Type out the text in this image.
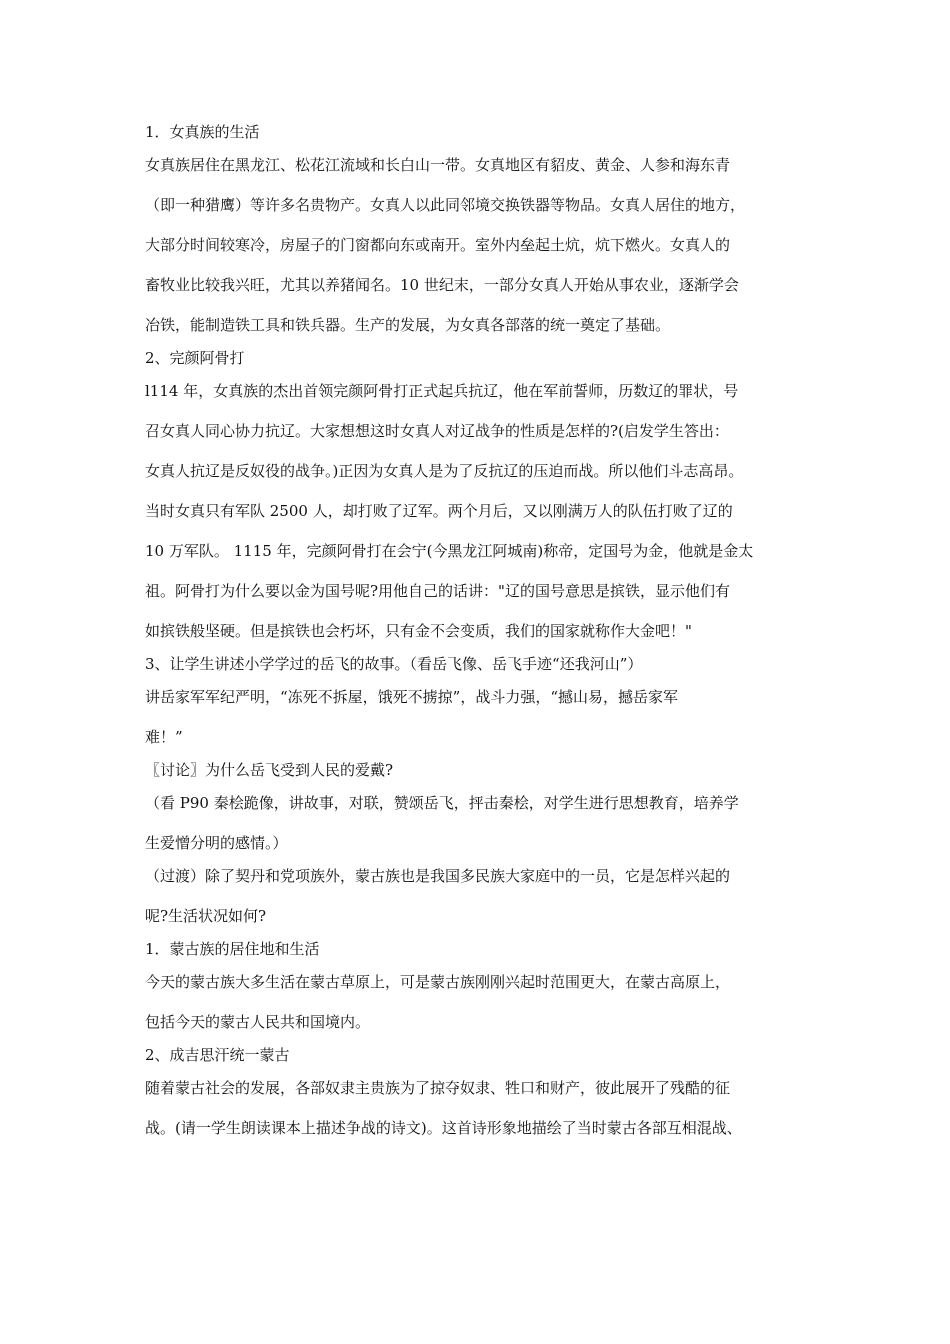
1．女真族的生活
女真族居住在黑龙江、松花江流域和长白山一带。女真地区有貂皮、黄金、人参和海东青
（即一种猎鹰）等许多名贵物产。女真人以此同邻境交换铁器等物品。女真人居住的地方，
大部分时间较寒冷，房屋子的门窗都向东或南开。室外内垒起土炕，炕下燃火。女真人的
畜牧业比较我兴旺，尤其以养猪闻名。10 世纪末，一部分女真人开始从事农业，逐渐学会
冶铁，能制造铁工具和铁兵器。生产的发展，为女真各部落的统一奠定了基础。
2、完颜阿骨打
l114 年，女真族的杰出首领完颜阿骨打正式起兵抗辽，他在军前誓师，历数辽的罪状，号
召女真人同心协力抗辽。大家想想这时女真人对辽战争的性质是怎样的?(启发学生答出：
女真人抗辽是反奴役的战争。)正因为女真人是为了反抗辽的压迫而战。所以他们斗志高昂。
当时女真只有军队 2500 人，却打败了辽军。两个月后，又以刚满万人的队伍打败了辽的
10 万军队。 1115 年，完颜阿骨打在会宁(今黑龙江阿城南)称帝，定国号为金，他就是金太
祖。阿骨打为什么要以金为国号呢?用他自己的话讲："辽的国号意思是摈铁，显示他们有
如摈铁般坚硬。但是摈铁也会朽坏，只有金不会变质，我们的国家就称作大金吧！"
3、让学生讲述小学学过的岳飞的故事。（看岳飞像、岳飞手迹“还我河山”）
讲岳家军军纪严明，“冻死不拆屋，饿死不掳掠”，战斗力强，“撼山易，撼岳家军
难！”
〖讨论〗为什么岳飞受到人民的爱戴?
（看 P90 秦桧跪像，讲故事，对联，赞颂岳飞，抨击秦桧，对学生进行思想教育，培养学
生爱憎分明的感情。）
（过渡）除了契丹和党项族外，蒙古族也是我国多民族大家庭中的一员，它是怎样兴起的
呢?生活状况如何?
1．蒙古族的居住地和生活
今天的蒙古族大多生活在蒙古草原上，可是蒙古族刚刚兴起时范围更大，在蒙古高原上，
包括今天的蒙古人民共和国境内。
2、成吉思汗统一蒙古
随着蒙古社会的发展，各部奴隶主贵族为了掠夺奴隶、牲口和财产，彼此展开了残酷的征
战。(请一学生朗读课本上描述争战的诗文)。这首诗形象地描绘了当时蒙古各部互相混战、
